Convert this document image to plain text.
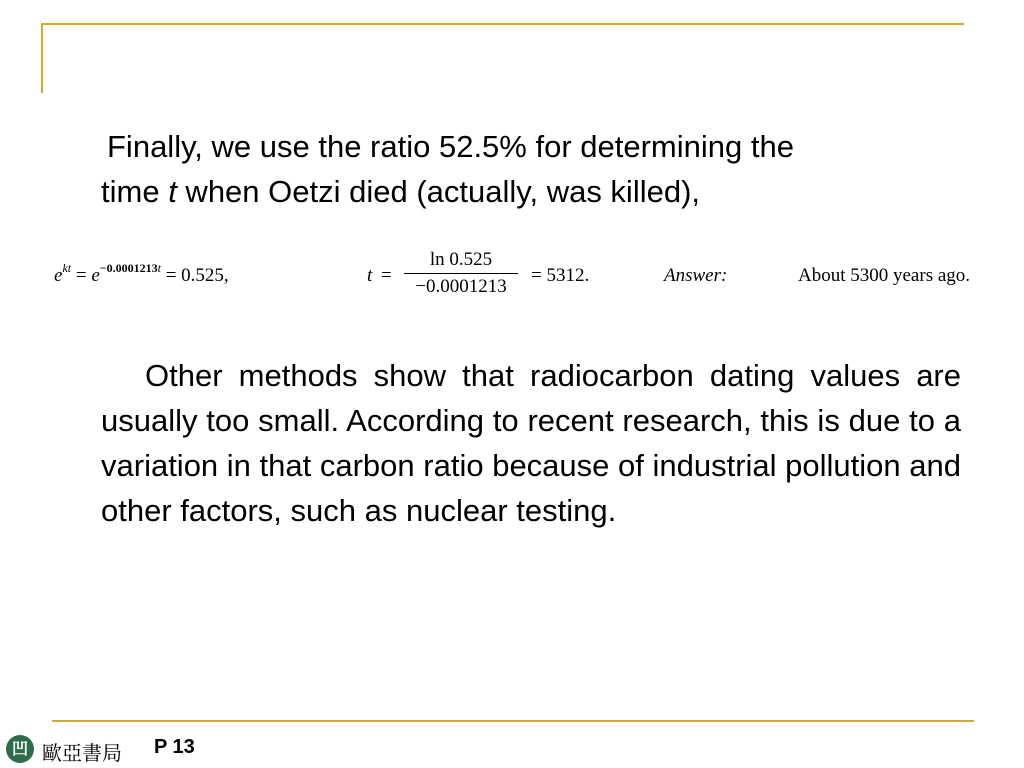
Finally, we use the ratio 52.5% for determining the
time t when Oetzi died (actually, was killed),

$e^{kt} = e^{-0.0001213t} = 0.525$,	t =
ln 0.525
−0.0001213
= 5312.	Answer:	About 5300 years ago.

Other methods show that radiocarbon dating values are usually too small. According to recent research, this is due to a variation in that carbon ratio because of industrial pollution and other factors, such as nuclear testing.

凹 歐亞書局 P 13
